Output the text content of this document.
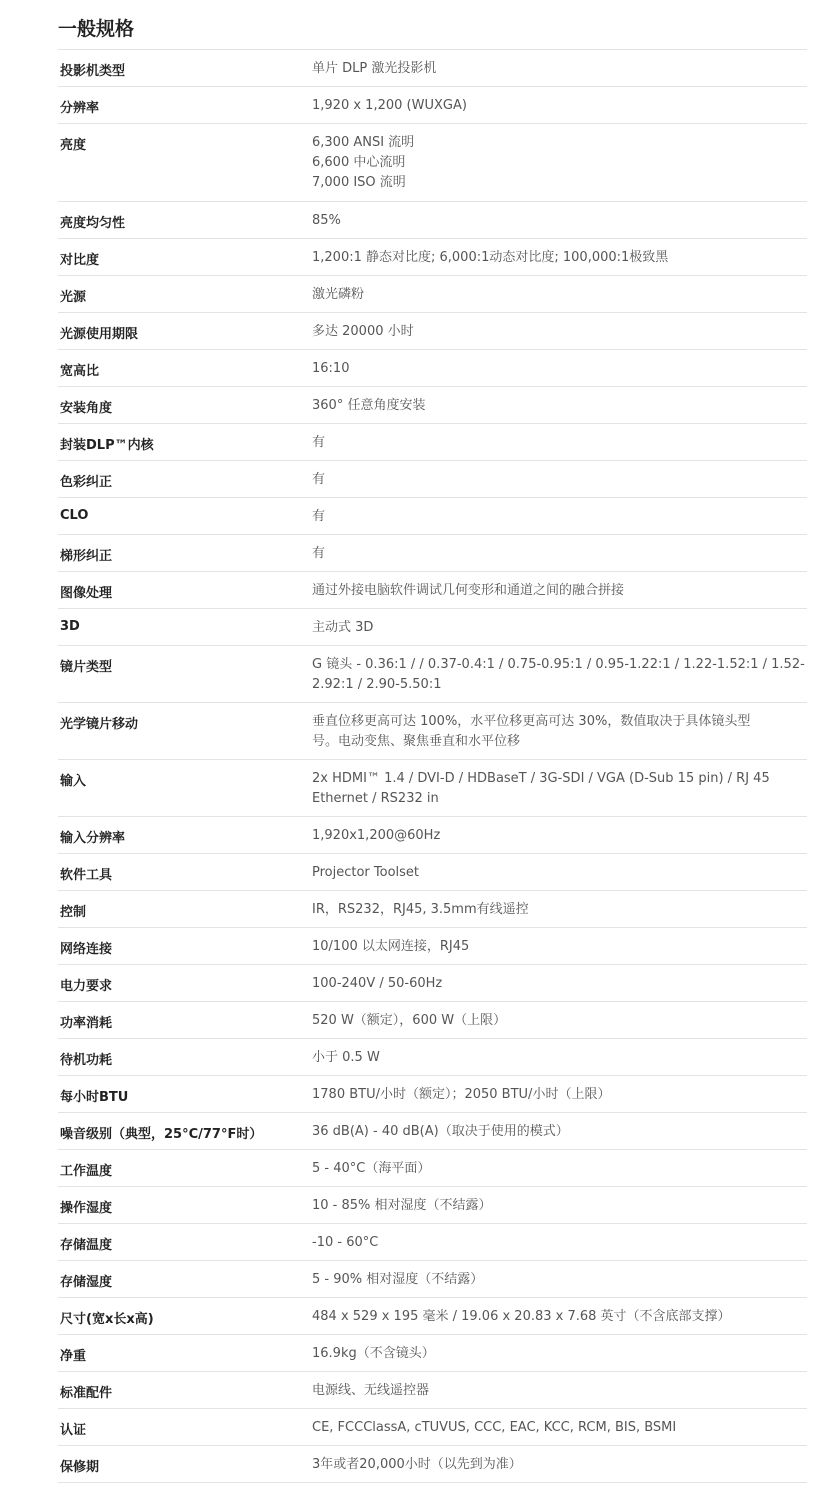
一般规格
投影机类型	单片 DLP 激光投影机

分辨率	1,920 x 1,200 (WUXGA)

亮度	6,300 ANSI 流明
6,600 中心流明
7,000 ISO 流明

亮度均匀性	85%

对比度	1,200:1 静态对比度; 6,000:1动态对比度; 100,000:1极致黑

光源	激光磷粉

光源使用期限	多达 20000 小时

宽高比	16:10

安装角度	360° 任意角度安装

封装DLP™内核	有

色彩纠正	有

CLO	有

梯形纠正	有

图像处理	通过外接电脑软件调试几何变形和通道之间的融合拼接

3D	主动式 3D

镜片类型	G 镜头 - 0.36:1 / / 0.37-0.4:1 / 0.75-0.95:1 / 0.95-1.22:1 / 1.22-1.52:1 / 1.52-
2.92:1 / 2.90-5.50:1

光学镜片移动	垂直位移更高可达 100%，水平位移更高可达 30%，数值取决于具体镜头型
号。电动变焦、聚焦垂直和水平位移

输入	2x HDMI™ 1.4 / DVI-D / HDBaseT / 3G-SDI / VGA (D-Sub 15 pin) / RJ 45
Ethernet / RS232 in

输入分辨率	1,920x1,200@60Hz

软件工具	Projector Toolset

控制	IR，RS232，RJ45, 3.5mm有线遥控

网络连接	10/100 以太网连接，RJ45

电力要求	100-240V / 50-60Hz

功率消耗	520 W（额定），600 W（上限）

待机功耗	小于 0.5 W

每小时BTU	1780 BTU/小时（额定）；2050 BTU/小时（上限）

噪音级别（典型，25°C/77°F时）	36 dB(A) - 40 dB(A)（取决于使用的模式）

工作温度	5 - 40°C（海平面）

操作湿度	10 - 85% 相对湿度（不结露）

存储温度	-10 - 60°C

存储湿度	5 - 90% 相对湿度（不结露）

尺寸(宽x长x高)	484 x 529 x 195 毫米 / 19.06 x 20.83 x 7.68 英寸（不含底部支撑）

净重	16.9kg（不含镜头）

标准配件	电源线、无线遥控器

认证	CE, FCCClassA, cTUVUS, CCC, EAC, KCC, RCM, BIS, BSMI

保修期	3年或者20,000小时（以先到为准）
